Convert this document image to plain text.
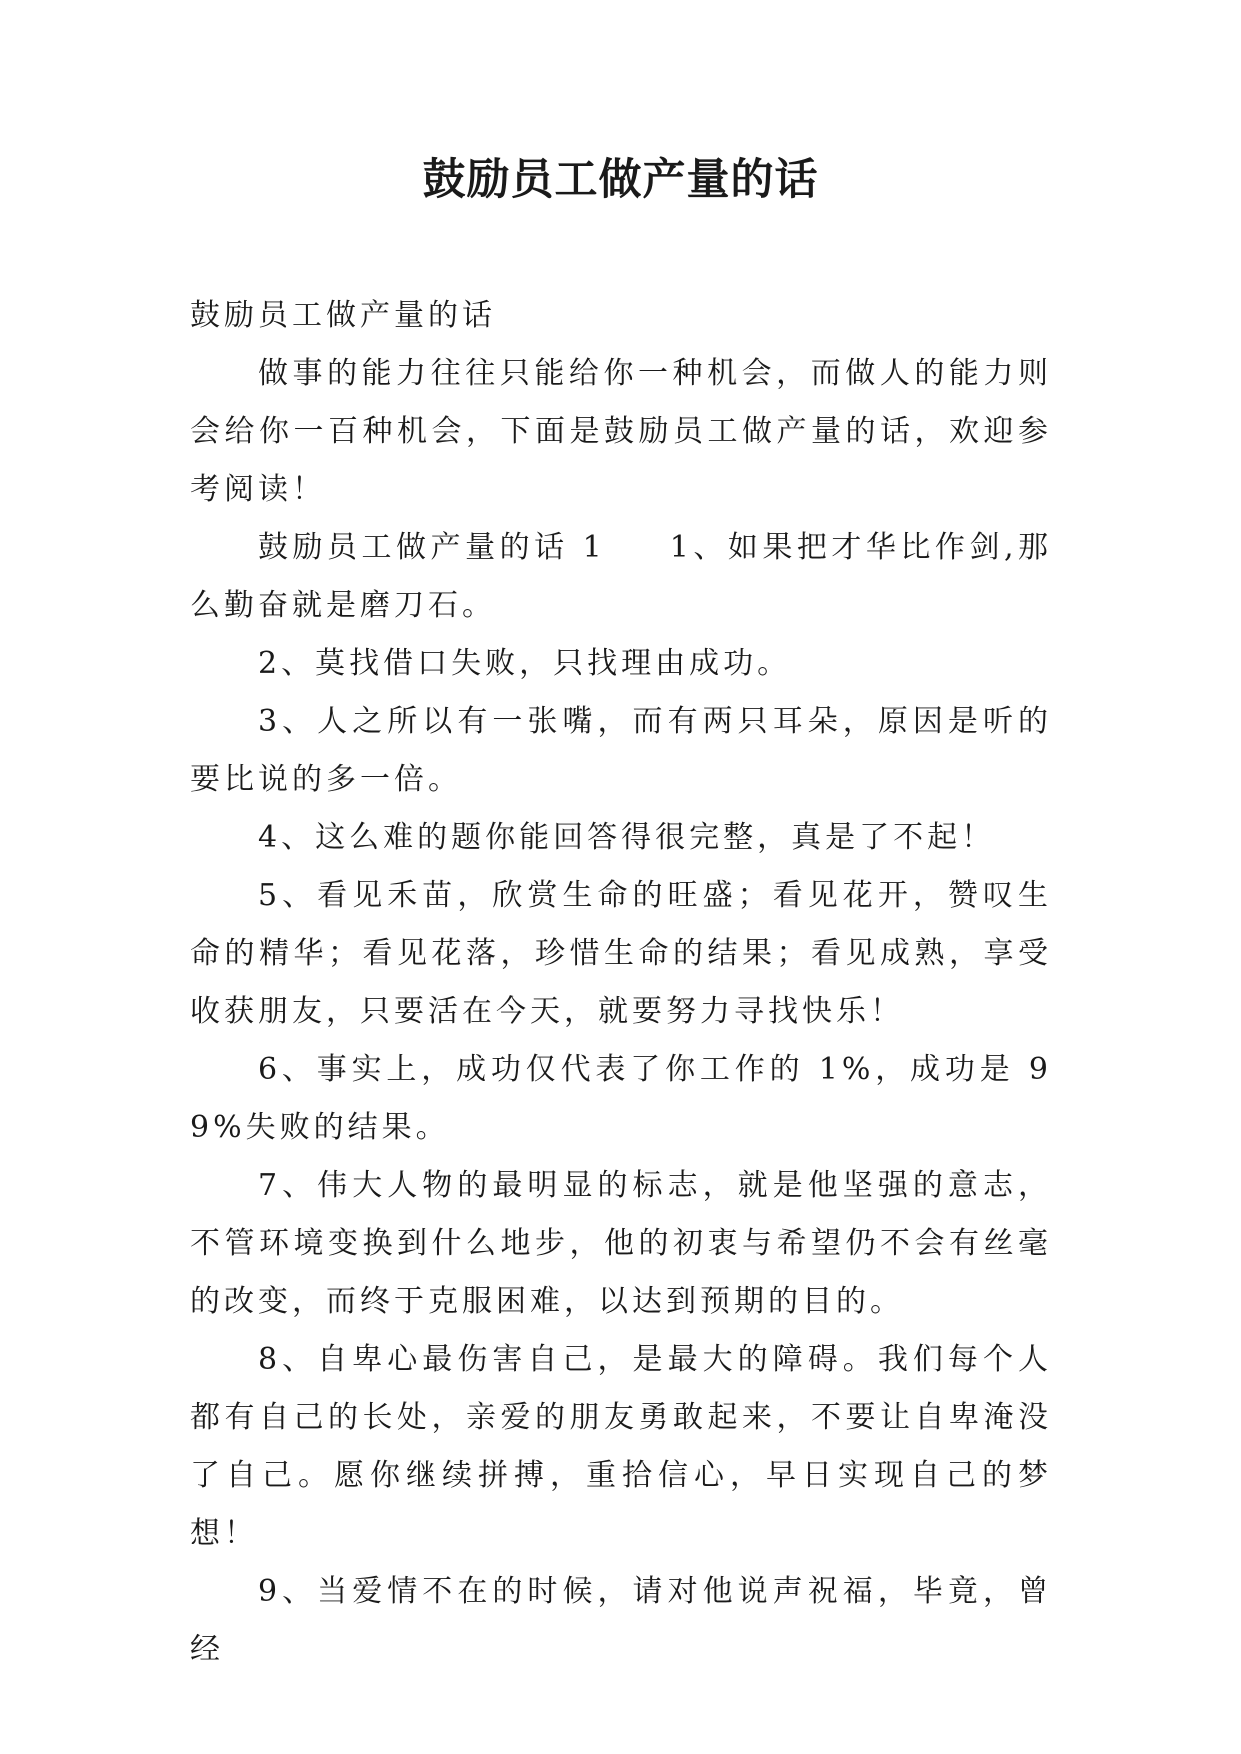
鼓励员工做产量的话

鼓励员工做产量的话

做事的能力往往只能给你一种机会，而做人的能力则会给你一百种机会，下面是鼓励员工做产量的话，欢迎参考阅读！

鼓励员工做产量的话 1 1、如果把才华比作剑,那么勤奋就是磨刀石。

2、莫找借口失败，只找理由成功。

3、人之所以有一张嘴，而有两只耳朵，原因是听的要比说的多一倍。

4、这么难的题你能回答得很完整，真是了不起！

5、看见禾苗，欣赏生命的旺盛；看见花开，赞叹生命的精华；看见花落，珍惜生命的结果；看见成熟，享受收获朋友，只要活在今天，就要努力寻找快乐！

6、事实上，成功仅代表了你工作的 1%，成功是 99%失败的结果。

7、伟大人物的最明显的标志，就是他坚强的意志，不管环境变换到什么地步，他的初衷与希望仍不会有丝毫的改变，而终于克服困难，以达到预期的目的。

8、自卑心最伤害自己，是最大的障碍。我们每个人都有自己的长处，亲爱的朋友勇敢起来，不要让自卑淹没了自己。愿你继续拼搏，重拾信心，早日实现自己的梦想！

9、当爱情不在的时候，请对他说声祝福，毕竟，曾经
